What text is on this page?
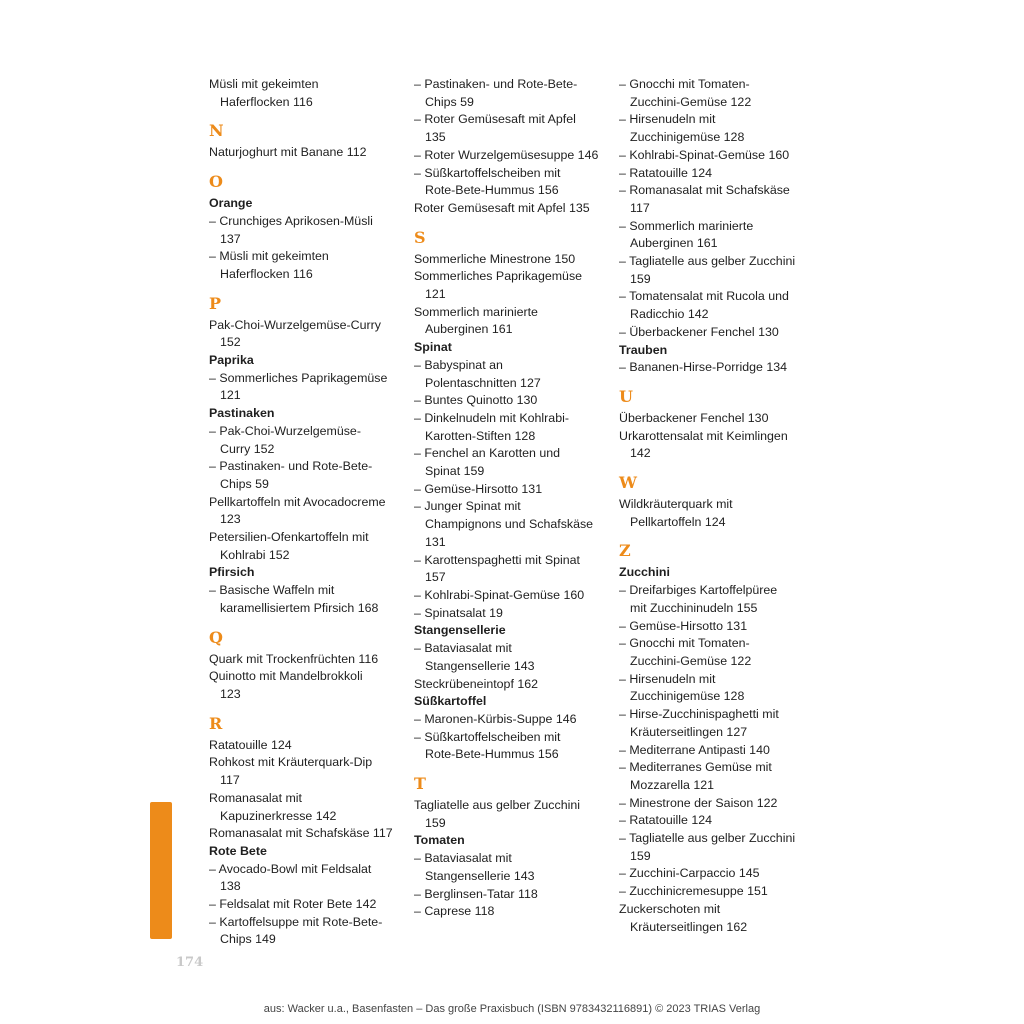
Müsli mit gekeimten
Haferflocken 116
N
Naturjoghurt mit Banane 112
O
Orange
– Crunchiges Aprikosen-Müsli
137
– Müsli mit gekeimten
Haferflocken 116
P
Pak-Choi-Wurzelgemüse-Curry
152
Paprika
– Sommerliches Paprikagemüse
121
Pastinaken
– Pak-Choi-Wurzelgemüse-
Curry 152
– Pastinaken- und Rote-Bete-
Chips 59
Pellkartoffeln mit Avocadocreme
123
Petersilien-Ofenkartoffeln mit
Kohlrabi 152
Pfirsich
– Basische Waffeln mit
karamellisiertem Pfirsich 168
Q
Quark mit Trockenfrüchten 116
Quinotto mit Mandelbrokkoli
123
R
Ratatouille 124
Rohkost mit Kräuterquark-Dip
117
Romanasalat mit
Kapuzinerkresse 142
Romanasalat mit Schafskäse 117
Rote Bete
– Avocado-Bowl mit Feldsalat
138
– Feldsalat mit Roter Bete 142
– Kartoffelsuppe mit Rote-Bete-
Chips 149
– Pastinaken- und Rote-Bete-
Chips 59
– Roter Gemüsesaft mit Apfel
135
– Roter Wurzelgemüsesuppe 146
– Süßkartoffelscheiben mit
Rote-Bete-Hummus 156
Roter Gemüsesaft mit Apfel 135
S
Sommerliche Minestrone 150
Sommerliches Paprikagemüse
121
Sommerlich marinierte
Auberginen 161
Spinat
– Babyspinat an
Polentaschnitten 127
– Buntes Quinotto 130
– Dinkelnudeln mit Kohlrabi-
Karotten-Stiften 128
– Fenchel an Karotten und
Spinat 159
– Gemüse-Hirsotto 131
– Junger Spinat mit
Champignons und Schafskäse
131
– Karottenspaghetti mit Spinat
157
– Kohlrabi-Spinat-Gemüse 160
– Spinatsalat 19
Stangensellerie
– Bataviasalat mit
Stangensellerie 143
Steckrübeneintopf 162
Süßkartoffel
– Maronen-Kürbis-Suppe 146
– Süßkartoffelscheiben mit
Rote-Bete-Hummus 156
T
Tagliatelle aus gelber Zucchini
159
Tomaten
– Bataviasalat mit
Stangensellerie 143
– Berglinsen-Tatar 118
– Caprese 118
– Gnocchi mit Tomaten-
Zucchini-Gemüse 122
– Hirsenudeln mit
Zucchinigemüse 128
– Kohlrabi-Spinat-Gemüse 160
– Ratatouille 124
– Romanasalat mit Schafskäse
117
– Sommerlich marinierte
Auberginen 161
– Tagliatelle aus gelber Zucchini
159
– Tomatensalat mit Rucola und
Radicchio 142
– Überbackener Fenchel 130
Trauben
– Bananen-Hirse-Porridge 134
U
Überbackener Fenchel 130
Urkarottensalat mit Keimlingen
142
W
Wildkräuterquark mit
Pellkartoffeln 124
Z
Zucchini
– Dreifarbiges Kartoffelpüree
mit Zucchininudeln 155
– Gemüse-Hirsotto 131
– Gnocchi mit Tomaten-
Zucchini-Gemüse 122
– Hirsenudeln mit
Zucchinigemüse 128
– Hirse-Zucchinispaghetti mit
Kräuterseitlingen 127
– Mediterrane Antipasti 140
– Mediterranes Gemüse mit
Mozzarella 121
– Minestrone der Saison 122
– Ratatouille 124
– Tagliatelle aus gelber Zucchini
159
– Zucchini-Carpaccio 145
– Zucchinicremesuppe 151
Zuckerschoten mit
Kräuterseitlingen 162
174
aus: Wacker u.a., Basenfasten – Das große Praxisbuch (ISBN 9783432116891) © 2023 TRIAS Verlag
